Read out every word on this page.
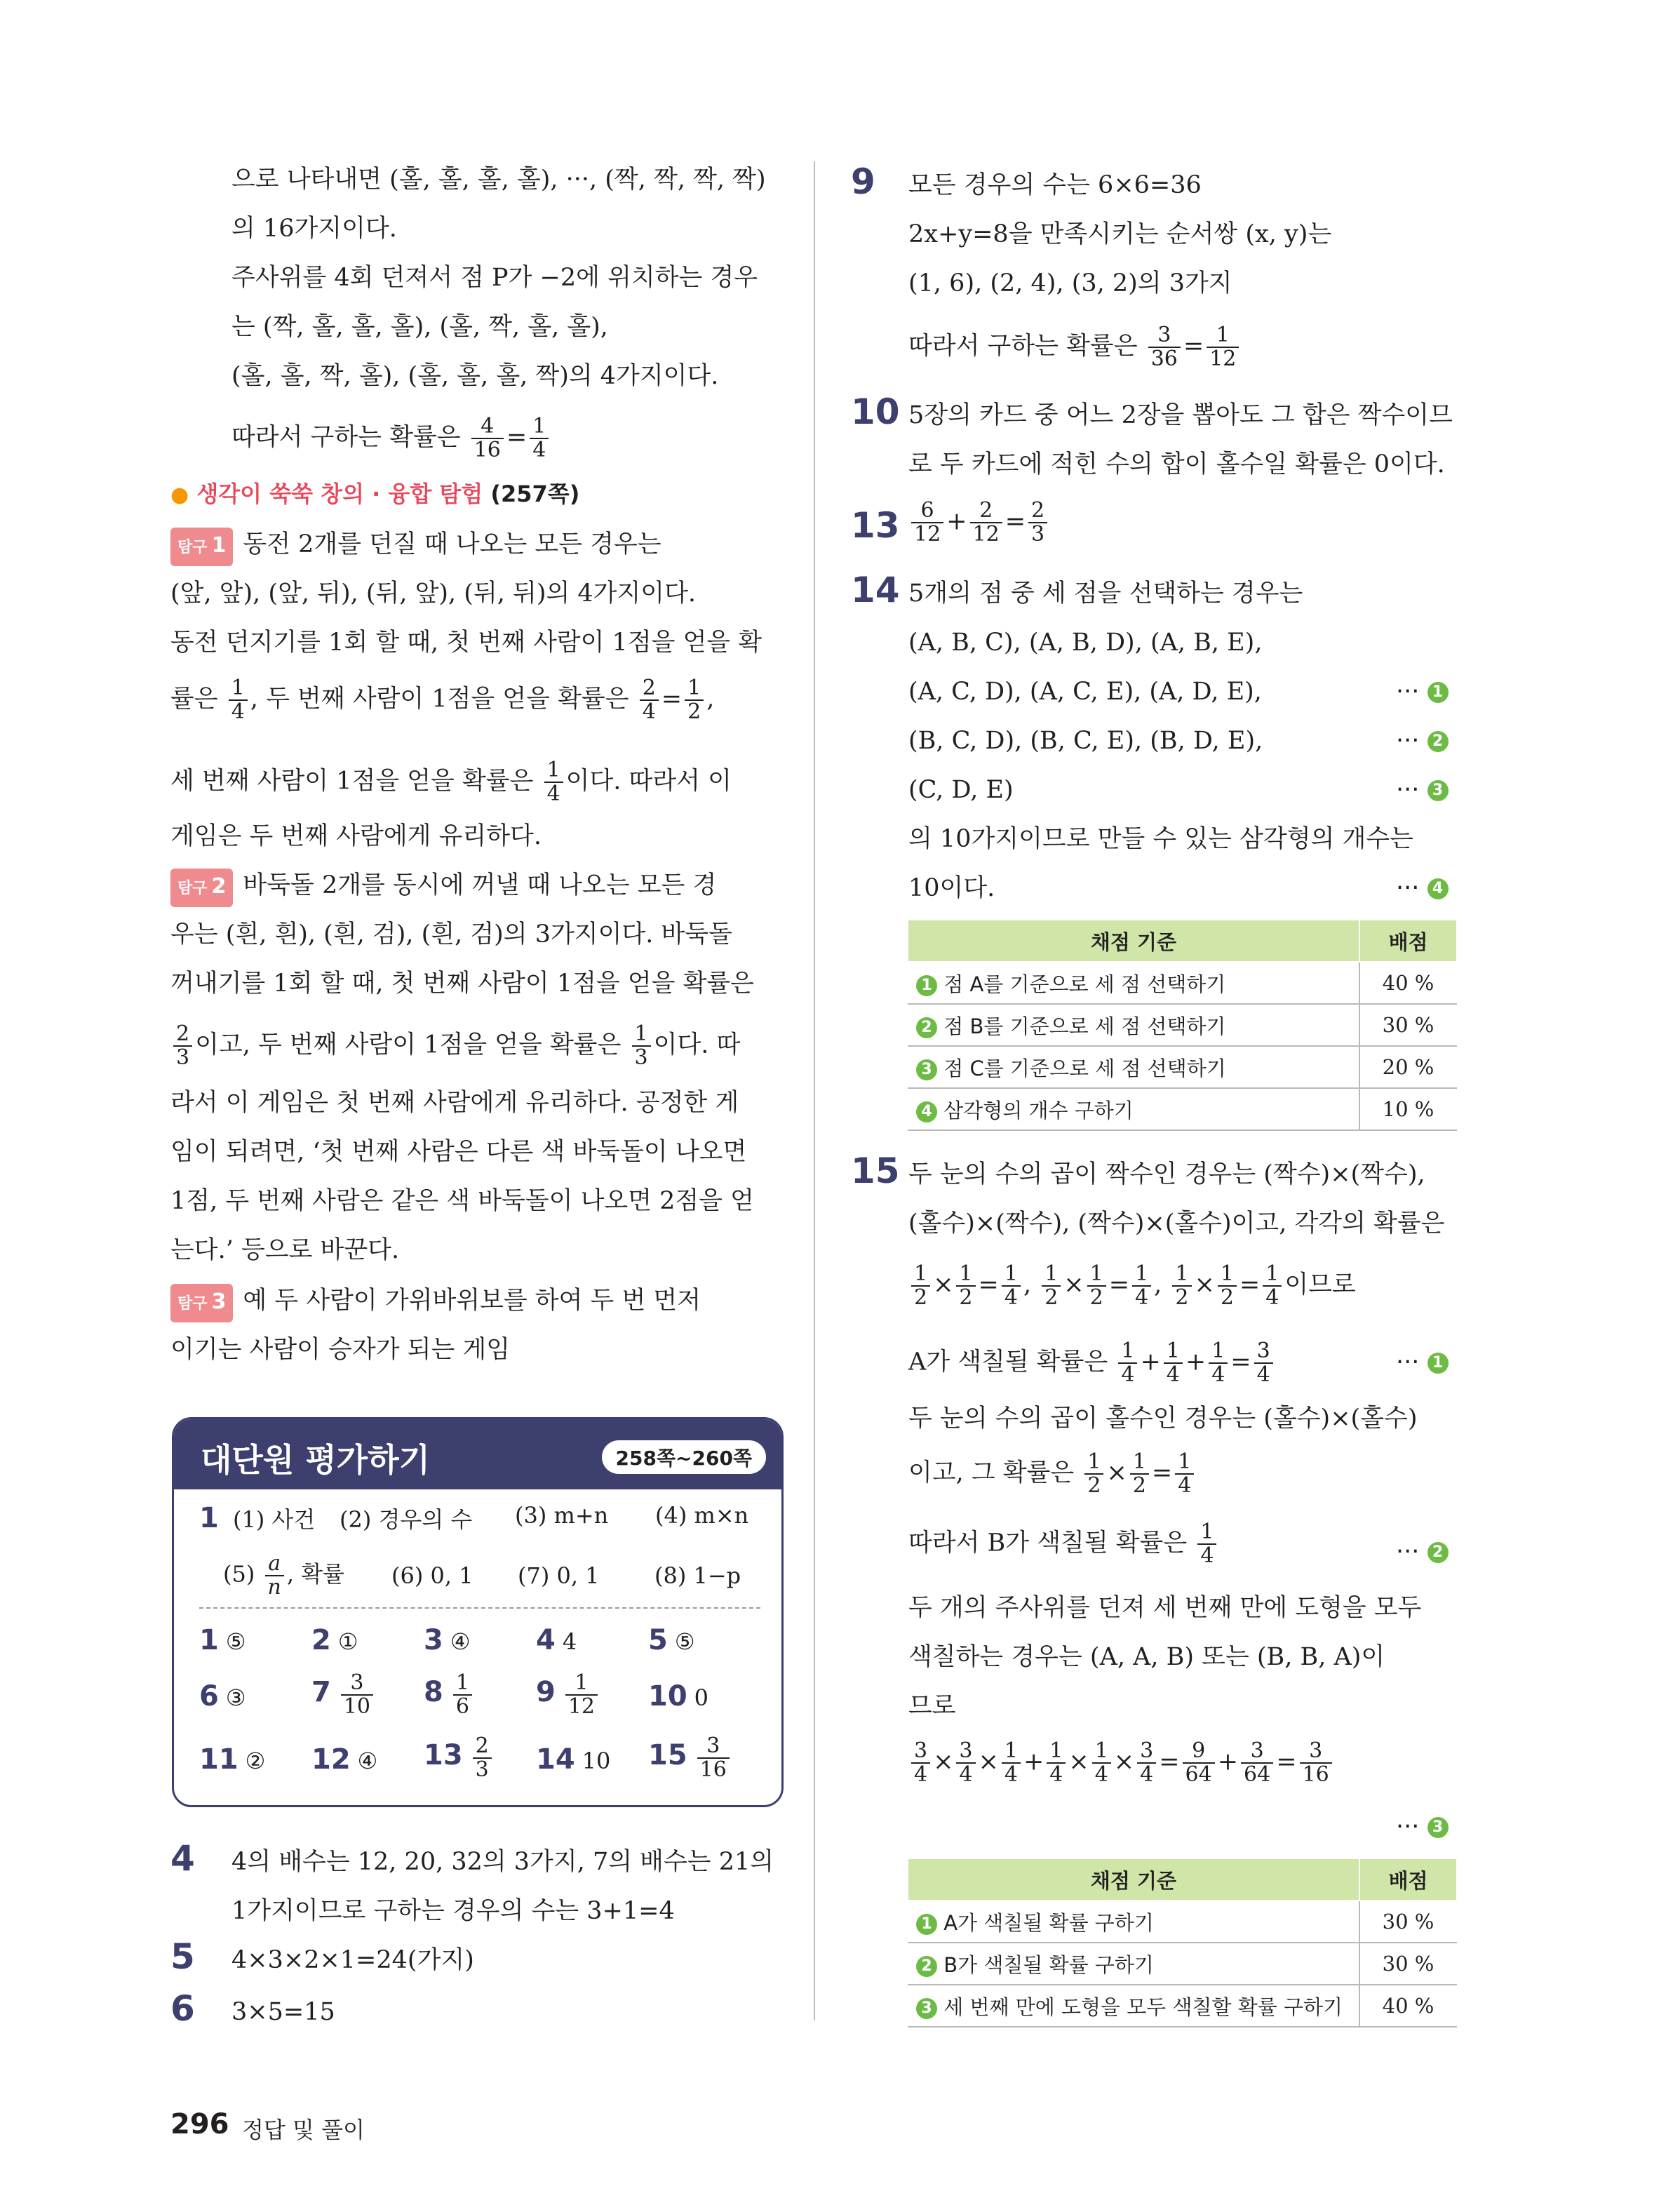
으로 나타내면 (홀, 홀, 홀, 홀), ···, (짝, 짝, 짝, 짝)
의 16가지이다.
주사위를 4회 던져서 점 P가 −2에 위치하는 경우
는 (짝, 홀, 홀, 홀), (홀, 짝, 홀, 홀),
(홀, 홀, 짝, 홀), (홀, 홀, 홀, 짝)의 4가지이다.
따라서 구하는 확률은 $\frac{4}{16} = \frac{1}{4}$
● 생각이 쑥쑥 창의 · 융합 탐험 (257쪽)
탐구 1 동전 2개를 던질 때 나오는 모든 경우는
(앞, 앞), (앞, 뒤), (뒤, 앞), (뒤, 뒤)의 4가지이다.
동전 던지기를 1회 할 때, 첫 번째 사람이 1점을 얻을 확
률은 $\frac{1}{4}$ , 두 번째 사람이 1점을 얻을 확률은 $\frac{2}{4} = \frac{1}{2}$ ,
세 번째 사람이 1점을 얻을 확률은 $\frac{1}{4}$ 이다. 따라서 이
게임은 두 번째 사람에게 유리하다.
탐구 2 바둑돌 2개를 동시에 꺼낼 때 나오는 모든 경
우는 (흰, 흰), (흰, 검), (흰, 검)의 3가지이다. 바둑돌
꺼내기를 1회 할 때, 첫 번째 사람이 1점을 얻을 확률은
$\frac{2}{3}$ 이고, 두 번째 사람이 1점을 얻을 확률은 $\frac{1}{3}$ 이다. 따
라서 이 게임은 첫 번째 사람에게 유리하다. 공정한 게
임이 되려면, ‘첫 번째 사람은 다른 색 바둑돌이 나오면
1점, 두 번째 사람은 같은 색 바둑돌이 나오면 2점을 얻
는다.’ 등으로 바꾼다.
탐구 3 예 두 사람이 가위바위보를 하여 두 번 먼저
이기는 사람이 승자가 되는 게임
대단원 평가하기	258쪽~260쪽
1 (1) 사건 (2) 경우의 수 (3) m+n (4) m×n
$(5) \frac{a}{n}$ , 확률 (6) 0, 1 (7) 0, 1 (8) 1−p
1 ⑤ 2 ① 3 ④ 4 4	5 ⑤
6 ③ $7 \frac{3}{10} 8 \frac{1}{6} 9 \frac{1}{12} 10$ 0
11 ② 12 ④ $13 \frac{2}{3} 14$ 10 $15 \frac{3}{16}$
4 4의 배수는 12, 20, 32의 3가지, 7의 배수는 21의
1가지이므로 구하는 경우의 수는 3+1=4
5 4×3×2×1=24(가지)
6 3×5=15
9 모든 경우의 수는 6×6=36
2x+y=8을 만족시키는 순서쌍 (x, y)는
(1, 6), (2, 4), (3, 2)의 3가지
따라서 구하는 확률은 $\frac{3}{36} = \frac{1}{12}$
10 5장의 카드 중 어느 2장을 뽑아도 그 합은 짝수이므
로 두 카드에 적힌 수의 합이 홀수일 확률은 0이다.
$13 \frac{6}{12} + \frac{2}{12} = \frac{2}{3}$
14 5개의 점 중 세 점을 선택하는 경우는
(A, B, C), (A, B, D), (A, B, E),
(A, C, D), (A, C, E), (A, D, E),
(B, C, D), (B, C, E), (B, D, E),
(C, D, E)
의 10가지이므로 만들 수 있는 삼각형의 개수는
10이다.
··· 1
··· 2
··· 3
··· 4
채점 기준	배점
1 점 A를 기준으로 세 점 선택하기	40 %
2 점 B를 기준으로 세 점 선택하기	30 %
3 점 C를 기준으로 세 점 선택하기	20 %
4 삼각형의 개수 구하기	10 %
15 두 눈의 수의 곱이 짝수인 경우는 (짝수)×(짝수),
(홀수)×(짝수), (짝수)×(홀수)이고, 각각의 확률은
$\frac{1}{2} \times \frac{1}{2} = \frac{1}{4}$ , $\frac{1}{2} \times \frac{1}{2} = \frac{1}{4}$ , $\frac{1}{2} \times \frac{1}{2} = \frac{1}{4}$ 이므로
A가 색칠될 확률은 $\frac{1}{4} + \frac{1}{4} + \frac{1}{4} = \frac{3}{4}$	··· 1
두 눈의 수의 곱이 홀수인 경우는 (홀수)×(홀수)
이고, 그 확률은 $\frac{1}{2} \times \frac{1}{2} = \frac{1}{4}$
따라서 B가 색칠될 확률은 $\frac{1}{4}$	··· 2
두 개의 주사위를 던져 세 번째 만에 도형을 모두
색칠하는 경우는 (A, A, B) 또는 (B, B, A)이
므로
$\frac{3}{4} \times \frac{3}{4} \times \frac{1}{4} + \frac{1}{4} \times \frac{1}{4} \times \frac{3}{4} = \frac{9}{64} + \frac{3}{64} = \frac{3}{16}$
··· 3
채점 기준	배점
1 A가 색칠될 확률 구하기	30 %
2 B가 색칠될 확률 구하기	30 %
3 세 번째 만에 도형을 모두 색칠할 확률 구하기	40 %
296 정답 및 풀이
